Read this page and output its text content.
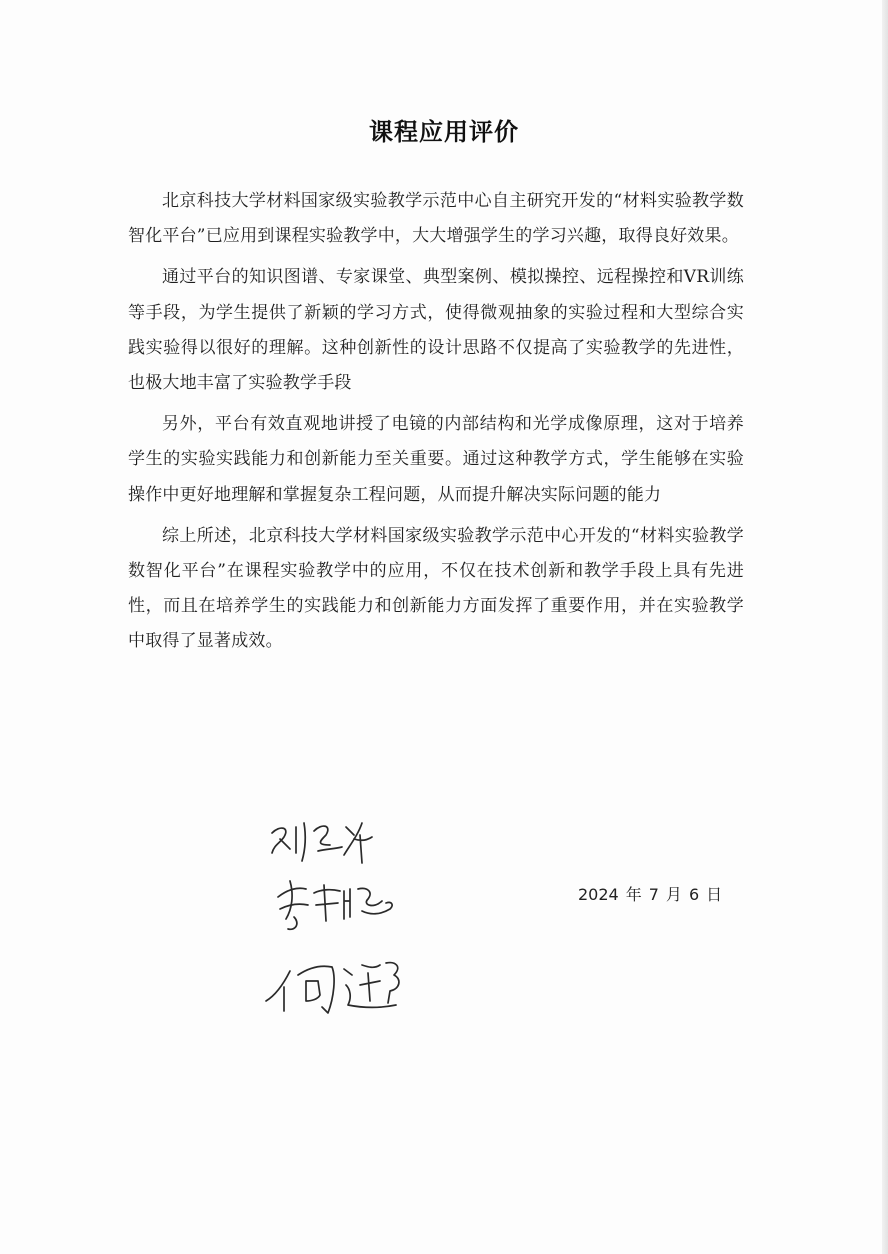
课程应用评价

北京科技大学材料国家级实验教学示范中心自主研究开发的“材料实验教学数智化平台”已应用到课程实验教学中，大大增强学生的学习兴趣，取得良好效果。

通过平台的知识图谱、专家课堂、典型案例、模拟操控、远程操控和VR训练等手段，为学生提供了新颖的学习方式，使得微观抽象的实验过程和大型综合实践实验得以很好的理解。这种创新性的设计思路不仅提高了实验教学的先进性，也极大地丰富了实验教学手段

另外，平台有效直观地讲授了电镜的内部结构和光学成像原理，这对于培养学生的实验实践能力和创新能力至关重要。通过这种教学方式，学生能够在实验操作中更好地理解和掌握复杂工程问题，从而提升解决实际问题的能力

综上所述，北京科技大学材料国家级实验教学示范中心开发的“材料实验教学数智化平台”在课程实验教学中的应用，不仅在技术创新和教学手段上具有先进性，而且在培养学生的实践能力和创新能力方面发挥了重要作用，并在实验教学中取得了显著成效。

2024 年 7 月 6 日
